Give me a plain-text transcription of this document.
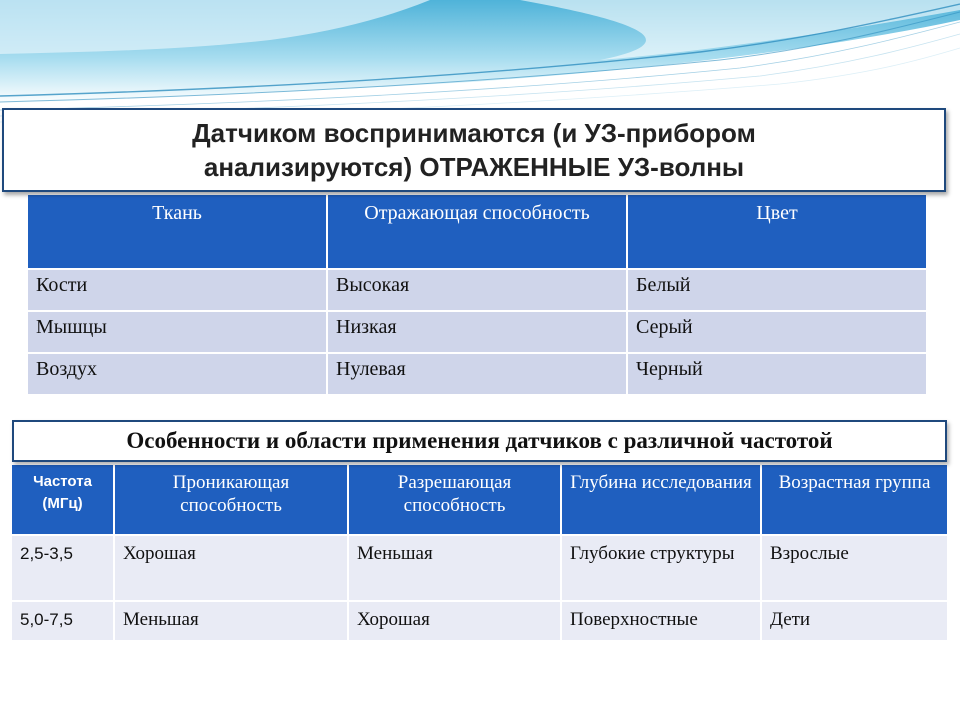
Датчиком воспринимаются (и УЗ-прибором
анализируются) ОТРАЖЕННЫЕ УЗ-волны
Ткань	Отражающая способность	Цвет
Кости	Высокая	Белый
Мышцы	Низкая	Серый
Воздух	Нулевая	Черный
Особенности и области применения датчиков с различной частотой
Частота (МГц)	Проникающая способность	Разрешающая способность	Глубина исследования	Возрастная группа
2,5-3,5	Хорошая	Меньшая	Глубокие структуры	Взрослые
5,0-7,5	Меньшая	Хорошая	Поверхностные	Дети
